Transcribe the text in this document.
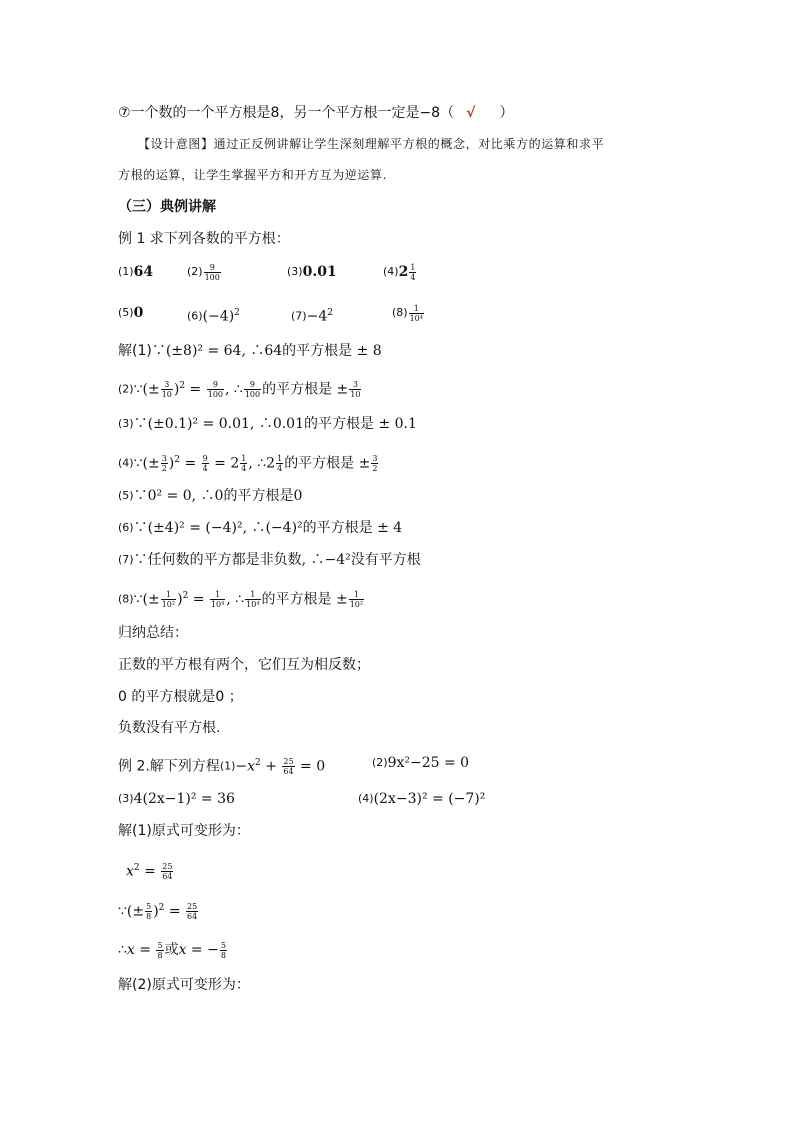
⑦一个数的一个平方根是8，另一个平方根一定是−8（ √ ）
【设计意图】通过正反例讲解让学生深刻理解平方根的概念，对比乘方的运算和求平
方根的运算，让学生掌握平方和开方互为逆运算.
（三）典例讲解
例 1 求下列各数的平方根：
(1)64	$(2) \frac{9}{100}$	(3)0.01	$(4)2 \frac{1}{4}$
(5)0	$(6)(-4)^2$	$(7)-4^2$	$(8) \frac{1}{\text{10⁴}}$
解(1)∵(±8)² = 64, ∴64的平方根是 ± 8
(2)∵(± $\frac{3}{10} )^2 = \frac{9}{100}$ , ∴ $\frac{9}{100}$ 的平方根是 ± $\frac{3}{10}$
(3)∵(±0.1)² = 0.01, ∴0.01的平方根是 ± 0.1
(4)∵(± $\frac{3}{2} )^2 = \frac{9}{4} = 2 \frac{1}{4}$ , ∴2 $\frac{1}{4}$ 的平方根是 ± $\frac{3}{2}$
(5)∵0² = 0, ∴0的平方根是0
(6)∵(±4)² = (−4)², ∴(−4)²的平方根是 ± 4
(7)∵任何数的平方都是非负数, ∴−4²没有平方根
(8)∵(± $\frac{1}{\text{10²}} )^2 = \frac{1}{\text{10⁴}}$ , ∴ $\frac{1}{\text{10⁴}}$ 的平方根是 ± $\frac{1}{\text{10²}}$
归纳总结：
正数的平方根有两个，它们互为相反数；
0 的平方根就是0 ；
负数没有平方根.
例 2.解下列方程$(1)-x^2 + \frac{25}{64} = 0$	(2)9x²−25 = 0
(3)4(2x−1)² = 36	(4)(2x−3)² = (−7)²
解(1)原式可变形为：
$x^2 = \frac{25}{64}$
∵(± $\frac{5}{8} )^2 = \frac{25}{64}$
∴x = $\frac{5}{8}$ 或x = − $\frac{5}{8}$
解(2)原式可变形为：
